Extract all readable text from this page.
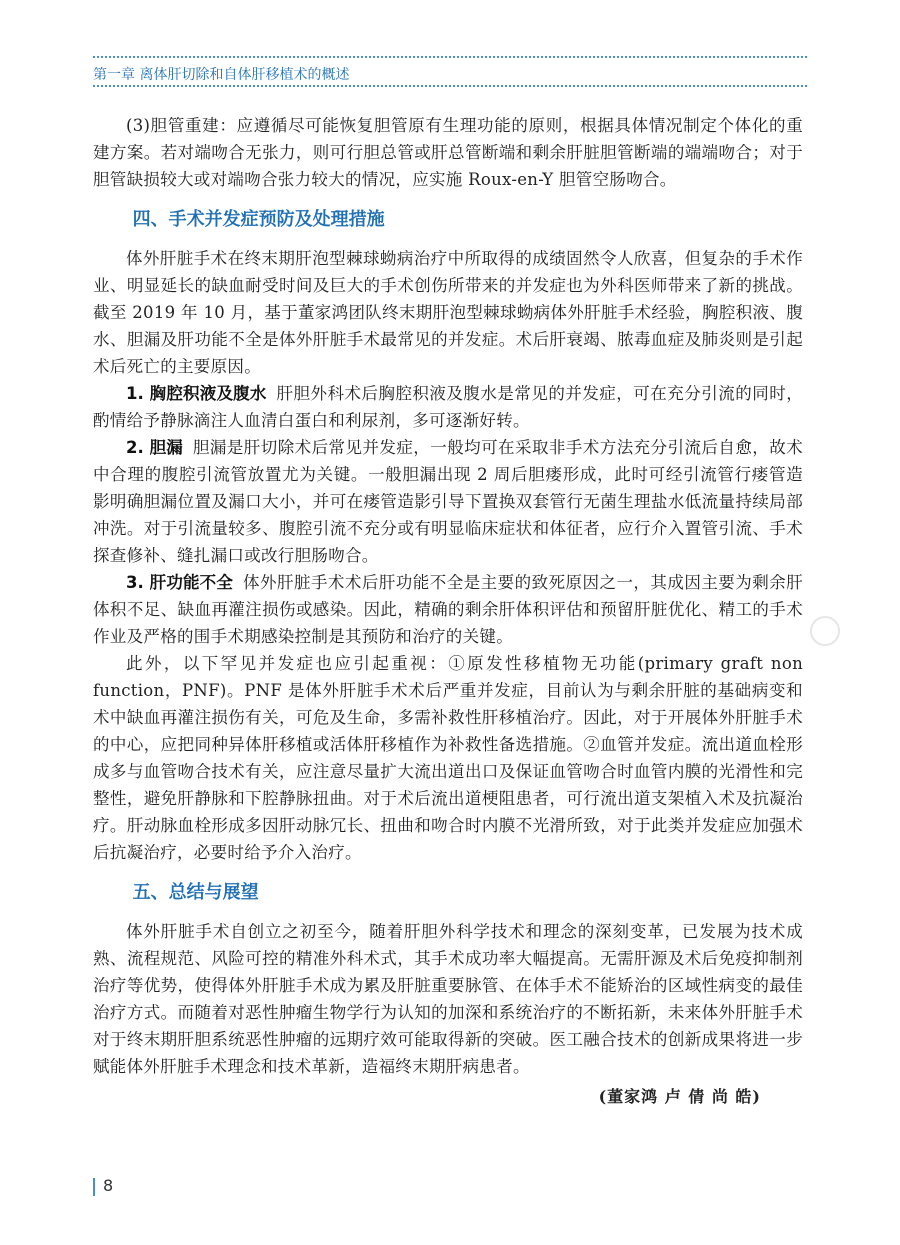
第一章 离体肝切除和自体肝移植术的概述

(3)胆管重建：应遵循尽可能恢复胆管原有生理功能的原则，根据具体情况制定个体化的重建方案。若对端吻合无张力，则可行胆总管或肝总管断端和剩余肝脏胆管断端的端端吻合；对于胆管缺损较大或对端吻合张力较大的情况，应实施 Roux-en-Y 胆管空肠吻合。

四、手术并发症预防及处理措施

体外肝脏手术在终末期肝泡型棘球蚴病治疗中所取得的成绩固然令人欣喜，但复杂的手术作业、明显延长的缺血耐受时间及巨大的手术创伤所带来的并发症也为外科医师带来了新的挑战。截至 2019 年 10 月，基于董家鸿团队终末期肝泡型棘球蚴病体外肝脏手术经验，胸腔积液、腹水、胆漏及肝功能不全是体外肝脏手术最常见的并发症。术后肝衰竭、脓毒血症及肺炎则是引起术后死亡的主要原因。

1. 胸腔积液及腹水 肝胆外科术后胸腔积液及腹水是常见的并发症，可在充分引流的同时，酌情给予静脉滴注人血清白蛋白和利尿剂，多可逐渐好转。

2. 胆漏 胆漏是肝切除术后常见并发症，一般均可在采取非手术方法充分引流后自愈，故术中合理的腹腔引流管放置尤为关键。一般胆漏出现 2 周后胆瘘形成，此时可经引流管行瘘管造影明确胆漏位置及漏口大小，并可在瘘管造影引导下置换双套管行无菌生理盐水低流量持续局部冲洗。对于引流量较多、腹腔引流不充分或有明显临床症状和体征者，应行介入置管引流、手术探查修补、缝扎漏口或改行胆肠吻合。

3. 肝功能不全 体外肝脏手术术后肝功能不全是主要的致死原因之一，其成因主要为剩余肝体积不足、缺血再灌注损伤或感染。因此，精确的剩余肝体积评估和预留肝脏优化、精工的手术作业及严格的围手术期感染控制是其预防和治疗的关键。

此外，以下罕见并发症也应引起重视：①原发性移植物无功能(primary graft non function，PNF)。PNF 是体外肝脏手术术后严重并发症，目前认为与剩余肝脏的基础病变和术中缺血再灌注损伤有关，可危及生命，多需补救性肝移植治疗。因此，对于开展体外肝脏手术的中心，应把同种异体肝移植或活体肝移植作为补救性备选措施。②血管并发症。流出道血栓形成多与血管吻合技术有关，应注意尽量扩大流出道出口及保证血管吻合时血管内膜的光滑性和完整性，避免肝静脉和下腔静脉扭曲。对于术后流出道梗阻患者，可行流出道支架植入术及抗凝治疗。肝动脉血栓形成多因肝动脉冗长、扭曲和吻合时内膜不光滑所致，对于此类并发症应加强术后抗凝治疗，必要时给予介入治疗。

五、总结与展望

体外肝脏手术自创立之初至今，随着肝胆外科学技术和理念的深刻变革，已发展为技术成熟、流程规范、风险可控的精准外科术式，其手术成功率大幅提高。无需肝源及术后免疫抑制剂治疗等优势，使得体外肝脏手术成为累及肝脏重要脉管、在体手术不能矫治的区域性病变的最佳治疗方式。而随着对恶性肿瘤生物学行为认知的加深和系统治疗的不断拓新，未来体外肝脏手术对于终末期肝胆系统恶性肿瘤的远期疗效可能取得新的突破。医工融合技术的创新成果将进一步赋能体外肝脏手术理念和技术革新，造福终末期肝病患者。

(董家鸿 卢 倩 尚 皓)
8
